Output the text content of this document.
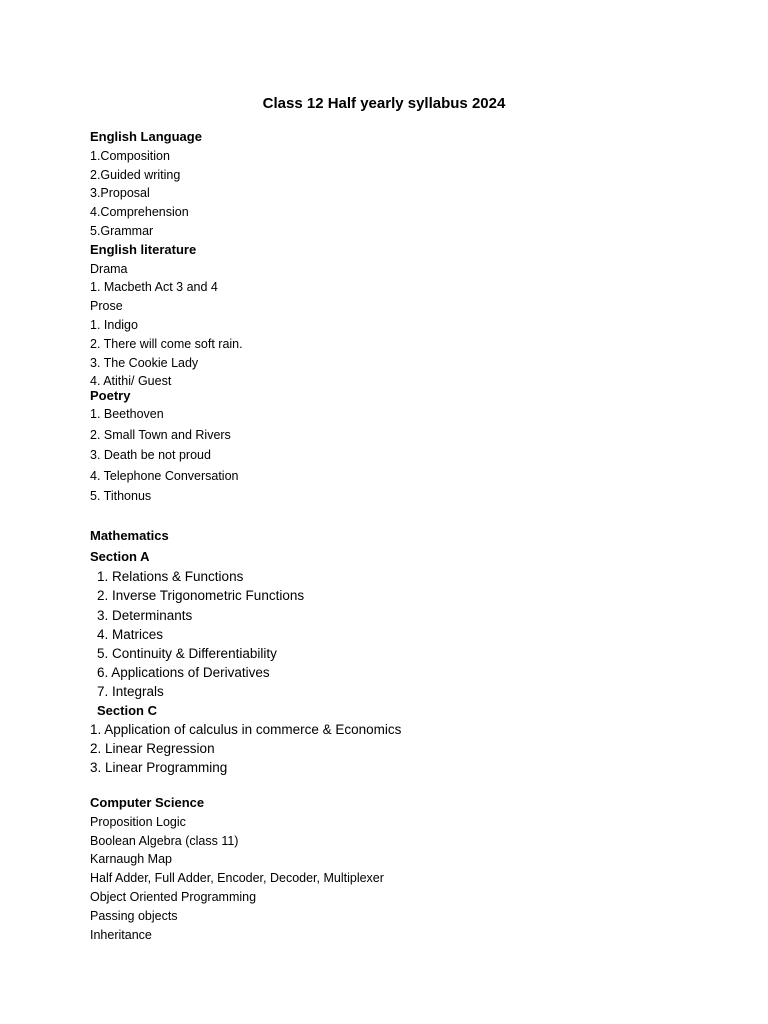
Class 12 Half yearly syllabus 2024
English Language
1.Composition
2.Guided writing
3.Proposal
4.Comprehension
5.Grammar
English literature
Drama
1. Macbeth Act 3 and 4
Prose
1. Indigo
2. There will come soft rain.
3. The Cookie Lady
4. Atithi/ Guest
Poetry
1. Beethoven
2. Small Town and Rivers
3. Death be not proud
4. Telephone Conversation
5. Tithonus
Mathematics
Section A
1. Relations & Functions
2. Inverse Trigonometric Functions
3. Determinants
4. Matrices
5. Continuity & Differentiability
6. Applications of Derivatives
7. Integrals
Section C
1. Application of calculus in commerce & Economics
2. Linear Regression
3. Linear Programming
Computer Science
Proposition Logic
Boolean Algebra (class 11)
Karnaugh Map
Half Adder, Full Adder, Encoder, Decoder, Multiplexer
Object Oriented Programming
Passing objects
Inheritance
